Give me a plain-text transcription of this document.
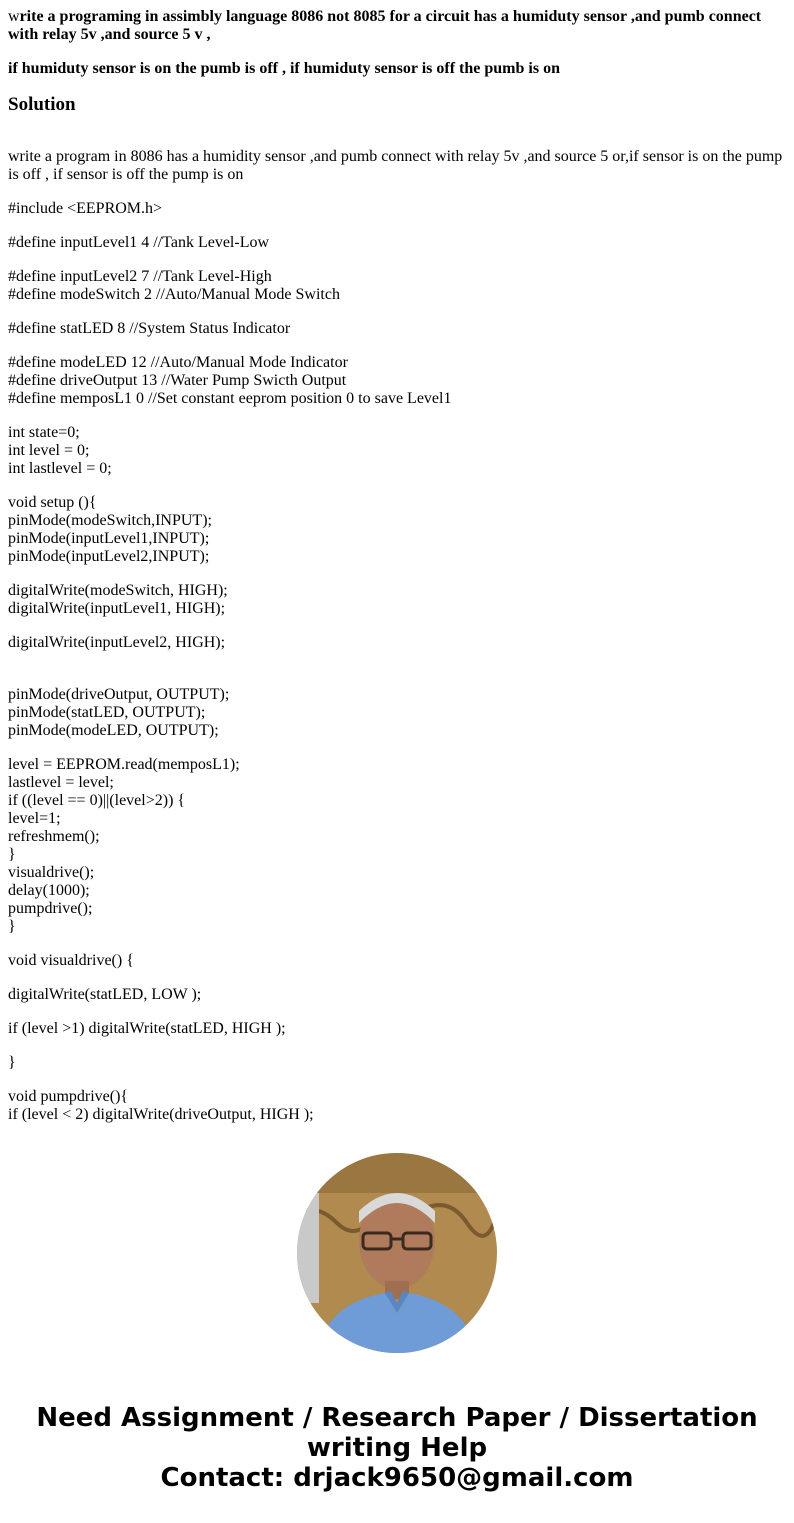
write a programing in assimbly language 8086 not 8085 for a circuit has a humiduty sensor ,and pumb connect with relay 5v ,and source 5 v ,

if humiduty sensor is on the pumb is off , if humiduty sensor is off the pumb is on

Solution

write a program in 8086 has a humidity sensor ,and pumb connect with relay 5v ,and source 5 or,if sensor is on the pump is off , if sensor is off the pump is on

#include <EEPROM.h>

#define inputLevel1 4 //Tank Level-Low

#define inputLevel2 7 //Tank Level-High
#define modeSwitch 2 //Auto/Manual Mode Switch

#define statLED 8 //System Status Indicator

#define modeLED 12 //Auto/Manual Mode Indicator
#define driveOutput 13 //Water Pump Swicth Output
#define memposL1 0 //Set constant eeprom position 0 to save Level1

int state=0;
int level = 0;
int lastlevel = 0;

void setup (){
pinMode(modeSwitch,INPUT);
pinMode(inputLevel1,INPUT);
pinMode(inputLevel2,INPUT);

digitalWrite(modeSwitch, HIGH);
digitalWrite(inputLevel1, HIGH);

digitalWrite(inputLevel2, HIGH);

pinMode(driveOutput, OUTPUT);
pinMode(statLED, OUTPUT);
pinMode(modeLED, OUTPUT);

level = EEPROM.read(memposL1);
lastlevel = level;
if ((level == 0)||(level>2)) {
level=1;
refreshmem();
}
visualdrive();
delay(1000);
pumpdrive();
}

void visualdrive() {

digitalWrite(statLED, LOW );

if (level >1) digitalWrite(statLED, HIGH );

}

void pumpdrive(){
if (level < 2) digitalWrite(driveOutput, HIGH );

Need Assignment / Research Paper / Dissertation
writing Help
Contact: drjack9650@gmail.com
